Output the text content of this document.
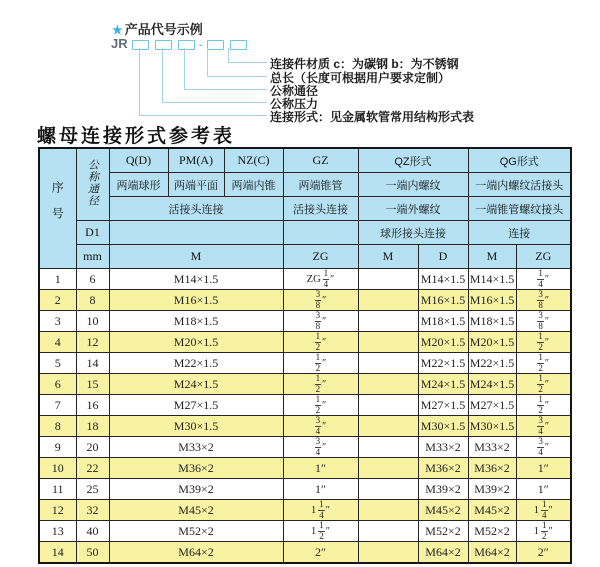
★ 产品代号示例
JR	-
连接件材质 c：为碳钢 b：为不锈钢
总长（长度可根据用户要求定制）
公称通径
公称压力
连接形式：见金属软管常用结构形式表
螺母连接形式参考表
序号	公称通径	Q(D)	PM(A)	NZ(C)	GZ	QZ形式		QG形式	
		两端球形	两端平面	两端内锥	两端锥管	一端内螺纹		一端内螺纹活接头	
		活接头连接			活接头连接	一端外螺纹		一端锥管螺纹接头	
	D1					球形接头连接		连接	
	mm	M			ZG	M	D	M	ZG
1	6	M14×1.5			ZG $\frac{1}{4}$ ″		M14×1.5	M14×1.5	$\frac{1}{4}$ ″
2	8	M16×1.5			$\frac{3}{8}$ ″		M16×1.5	M16×1.5	$\frac{3}{8}$ ″
3	10	M18×1.5			$\frac{3}{8}$ ″		M18×1.5	M18×1.5	$\frac{3}{8}$ ″
4	12	M20×1.5			$\frac{1}{2}$ ″		M20×1.5	M20×1.5	$\frac{1}{2}$ ″
5	14	M22×1.5			$\frac{1}{2}$ ″		M22×1.5	M22×1.5	$\frac{1}{2}$ ″
6	15	M24×1.5			$\frac{1}{2}$ ″		M24×1.5	M24×1.5	$\frac{1}{2}$ ″
7	16	M27×1.5			$\frac{1}{2}$ ″		M27×1.5	M27×1.5	$\frac{1}{2}$ ″
8	18	M30×1.5			$\frac{3}{4}$ ″		M30×1.5	M30×1.5	$\frac{3}{4}$ ″
9	20	M33×2			$\frac{3}{4}$ ″		M33×2	M33×2	$\frac{3}{4}$ ″
10	22	M36×2			1″		M36×2	M36×2	1″
11	25	M39×2			1″		M39×2	M39×2	1″
12	32	M45×2			$1 \frac{1}{4}$ ″		M45×2	M45×2	$1 \frac{1}{4}$ ″
13	40	M52×2			$1 \frac{1}{2}$ ″		M52×2	M52×2	$1 \frac{1}{2}$ ″
14	50	M64×2			2″		M64×2	M64×2	2″
